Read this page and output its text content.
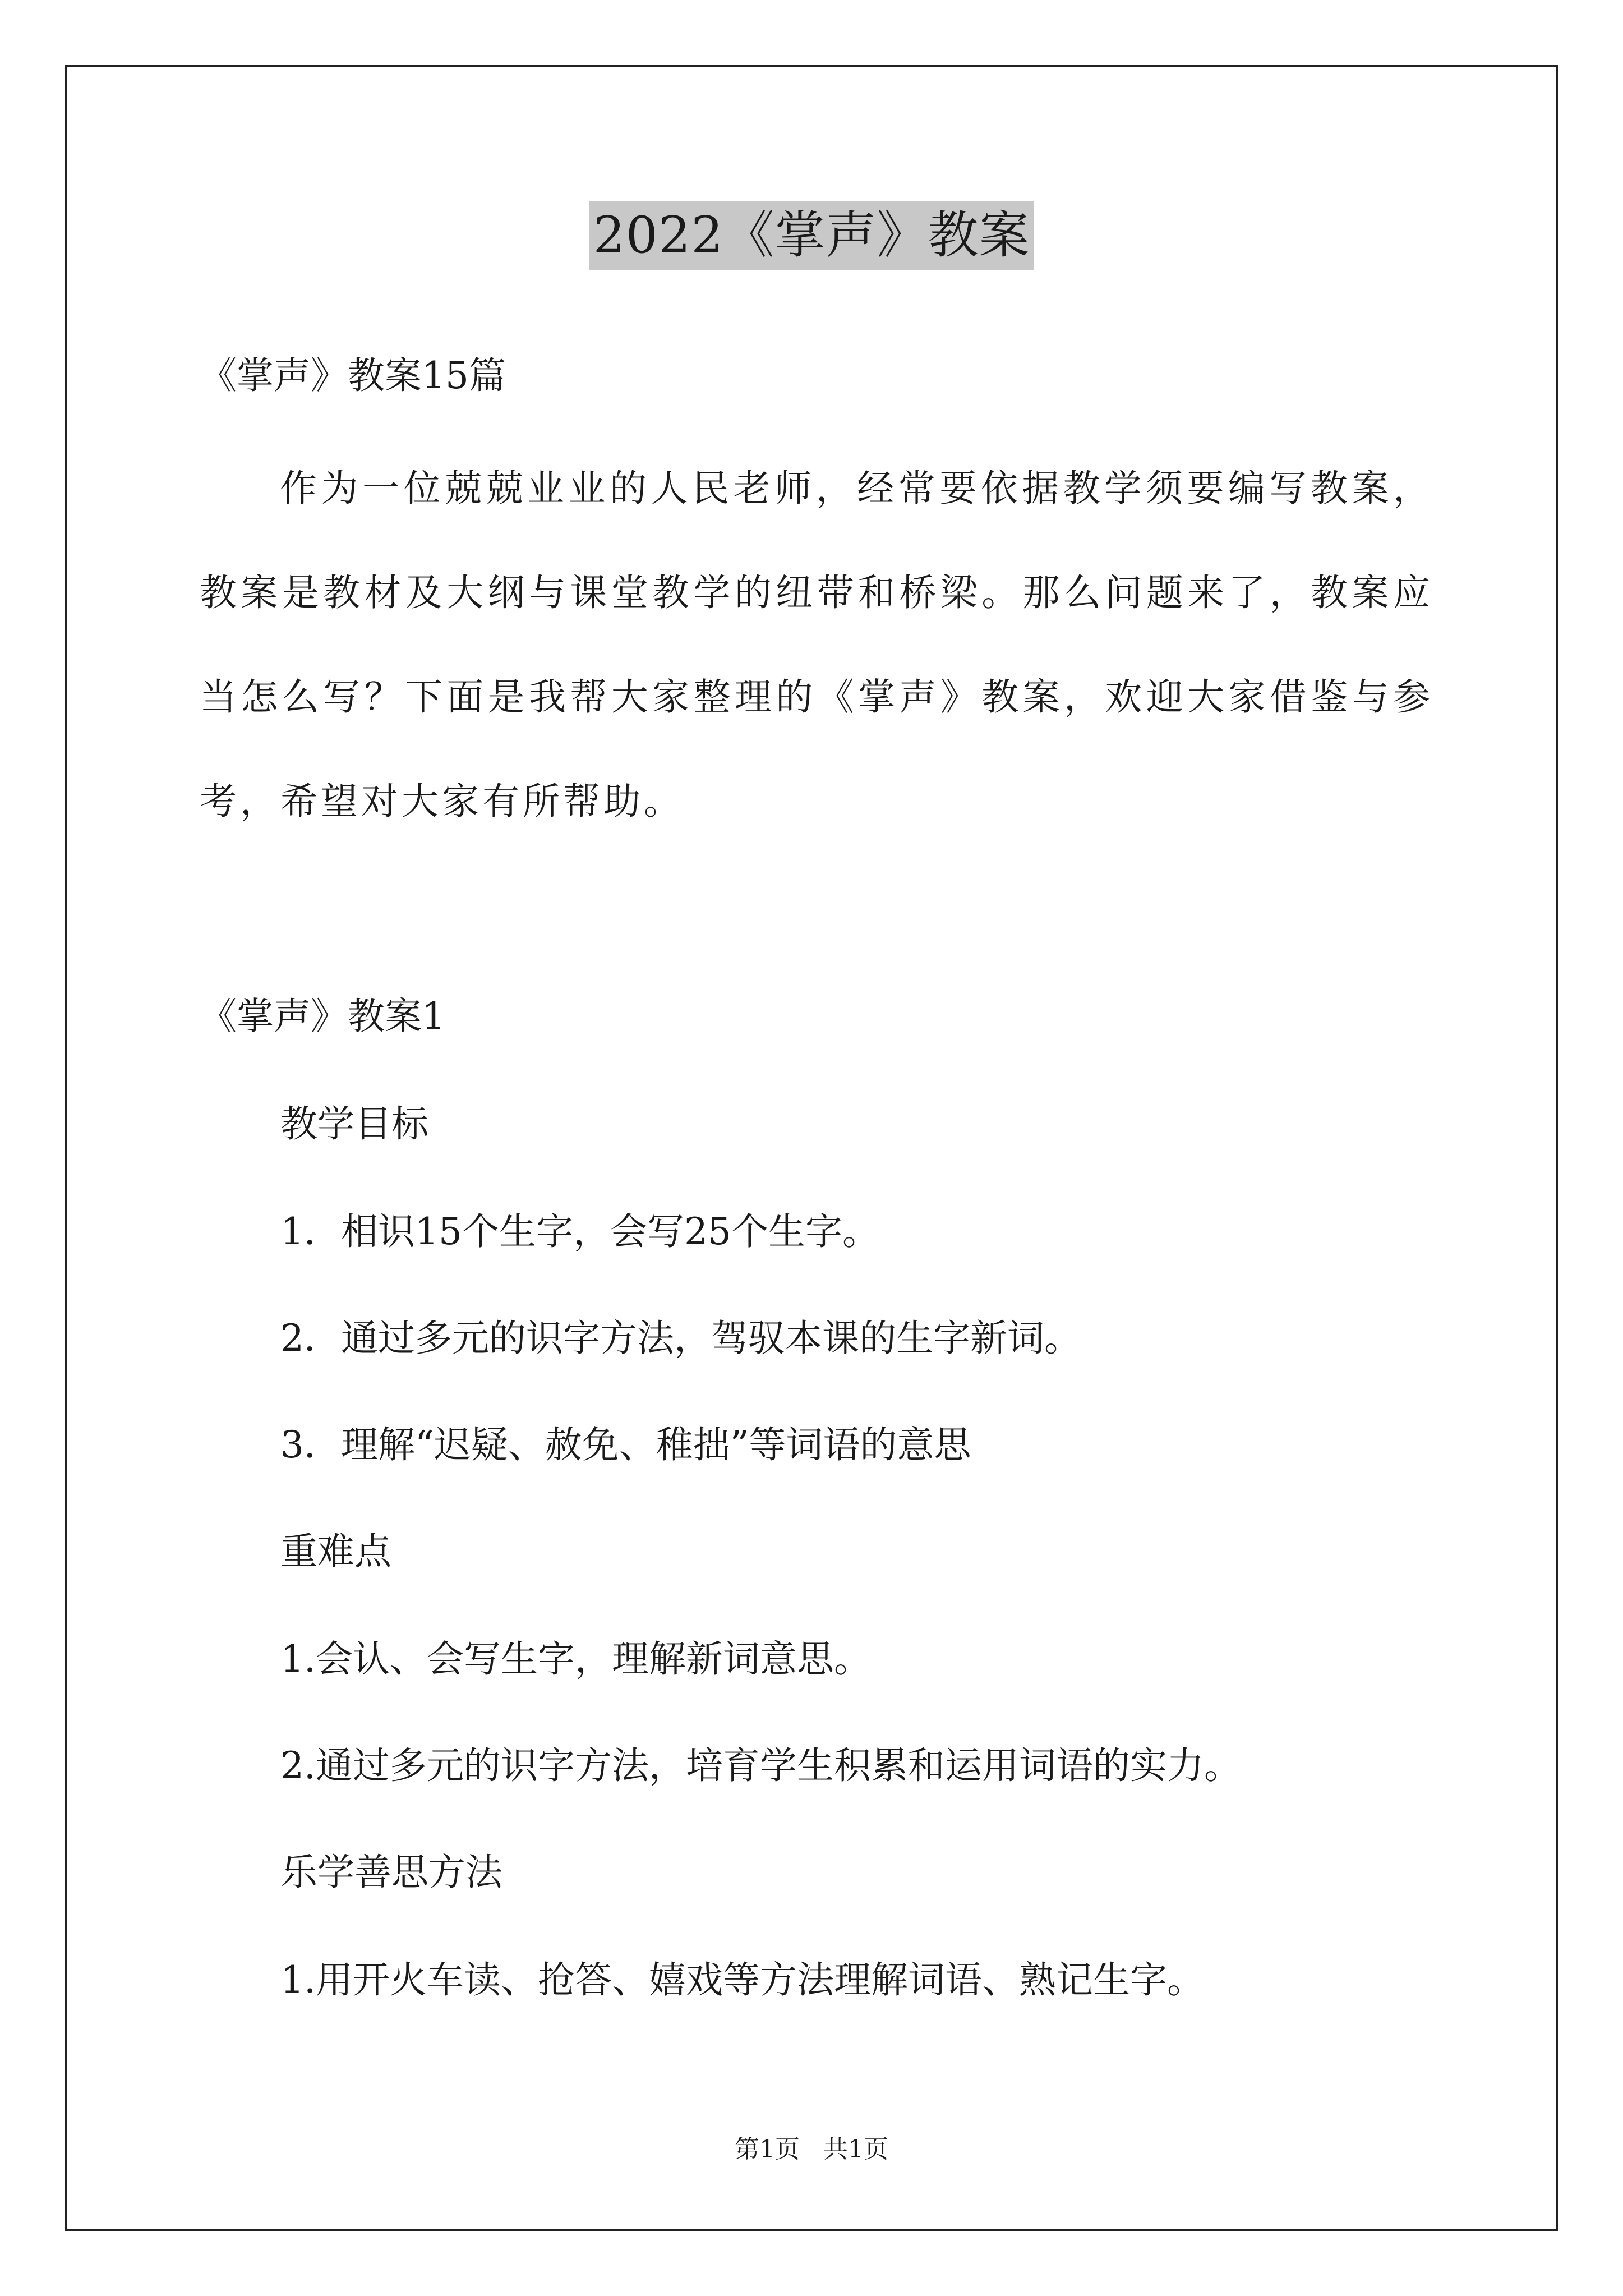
2022《掌声》教案
《掌声》教案15篇
作为一位兢兢业业的人民老师，经常要依据教学须要编写教案，教案是教材及大纲与课堂教学的纽带和桥梁。那么问题来了，教案应当怎么写？下面是我帮大家整理的《掌声》教案，欢迎大家借鉴与参考，希望对大家有所帮助。
《掌声》教案1
教学目标
1．相识15个生字，会写25个生字。
2．通过多元的识字方法，驾驭本课的生字新词。
3．理解“迟疑、赦免、稚拙”等词语的意思
重难点
1.会认、会写生字，理解新词意思。
2.通过多元的识字方法，培育学生积累和运用词语的实力。
乐学善思方法
1.用开火车读、抢答、嬉戏等方法理解词语、熟记生字。
第1页   共1页
